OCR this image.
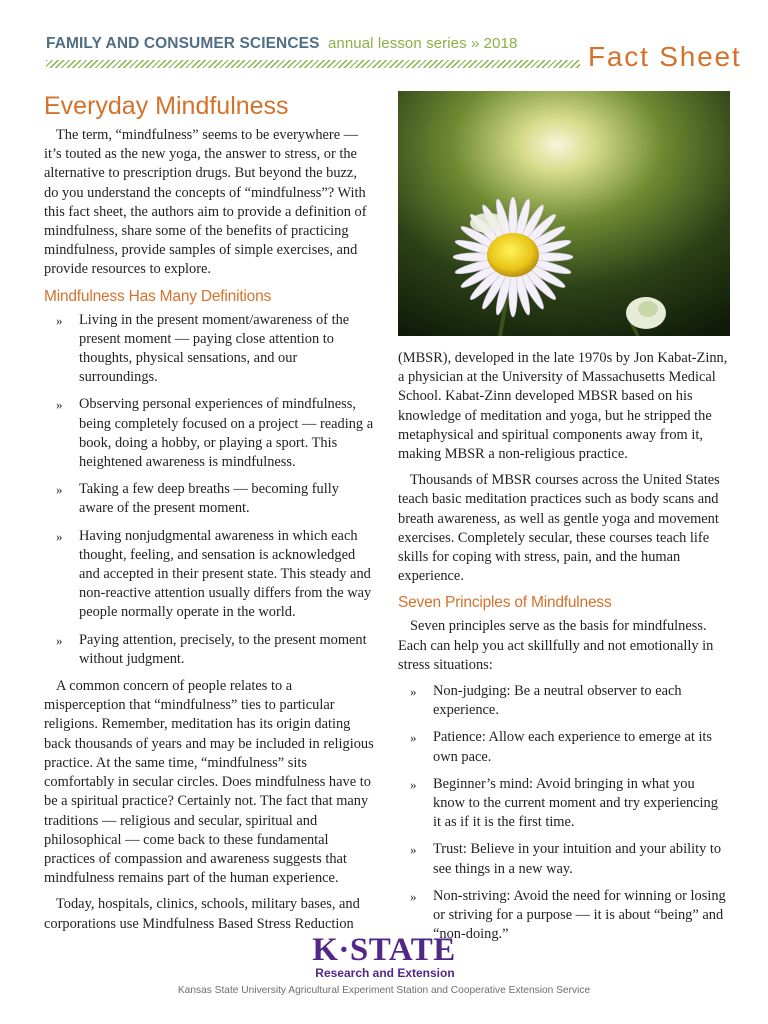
FAMILY AND CONSUMER SCIENCES annual lesson series » 2018	Fact Sheet
Everyday Mindfulness

The term, “mindfulness” seems to be everywhere — it’s touted as the new yoga, the answer to stress, or the alternative to prescription drugs. But beyond the buzz, do you understand the concepts of “mindfulness”? With this fact sheet, the authors aim to provide a definition of mindfulness, share some of the benefits of practicing mindfulness, provide samples of simple exercises, and provide resources to explore.

Mindfulness Has Many Definitions
» Living in the present moment/awareness of the present moment — paying close attention to thoughts, physical sensations, and our surroundings.
» Observing personal experiences of mindfulness, being completely focused on a project — reading a book, doing a hobby, or playing a sport. This heightened awareness is mindfulness.
» Taking a few deep breaths — becoming fully aware of the present moment.
» Having nonjudgmental awareness in which each thought, feeling, and sensation is acknowledged and accepted in their present state. This steady and non-reactive attention usually differs from the way people normally operate in the world.
» Paying attention, precisely, to the present moment without judgment.

A common concern of people relates to a misperception that “mindfulness” ties to particular religions. Remember, meditation has its origin dating back thousands of years and may be included in religious practice. At the same time, “mindfulness” sits comfortably in secular circles. Does mindfulness have to be a spiritual practice? Certainly not. The fact that many traditions — religious and secular, spiritual and philosophical — come back to these fundamental practices of compassion and awareness suggests that mindfulness remains part of the human experience.

Today, hospitals, clinics, schools, military bases, and corporations use Mindfulness Based Stress Reduction

(MBSR), developed in the late 1970s by Jon Kabat-Zinn, a physician at the University of Massachusetts Medical School. Kabat-Zinn developed MBSR based on his knowledge of meditation and yoga, but he stripped the metaphysical and spiritual components away from it, making MBSR a non-religious practice.

Thousands of MBSR courses across the United States teach basic meditation practices such as body scans and breath awareness, as well as gentle yoga and movement exercises. Completely secular, these courses teach life skills for coping with stress, pain, and the human experience.

Seven Principles of Mindfulness

Seven principles serve as the basis for mindfulness. Each can help you act skillfully and not emotionally in stress situations:

» Non-judging: Be a neutral observer to each experience.
» Patience: Allow each experience to emerge at its own pace.
» Beginner’s mind: Avoid bringing in what you know to the current moment and try experiencing it as if it is the first time.
» Trust: Believe in your intuition and your ability to see things in a new way.
» Non-striving: Avoid the need for winning or losing or striving for a purpose — it is about “being” and “non-doing.”
K·STATE
Research and Extension
Kansas State University Agricultural Experiment Station and Cooperative Extension Service
